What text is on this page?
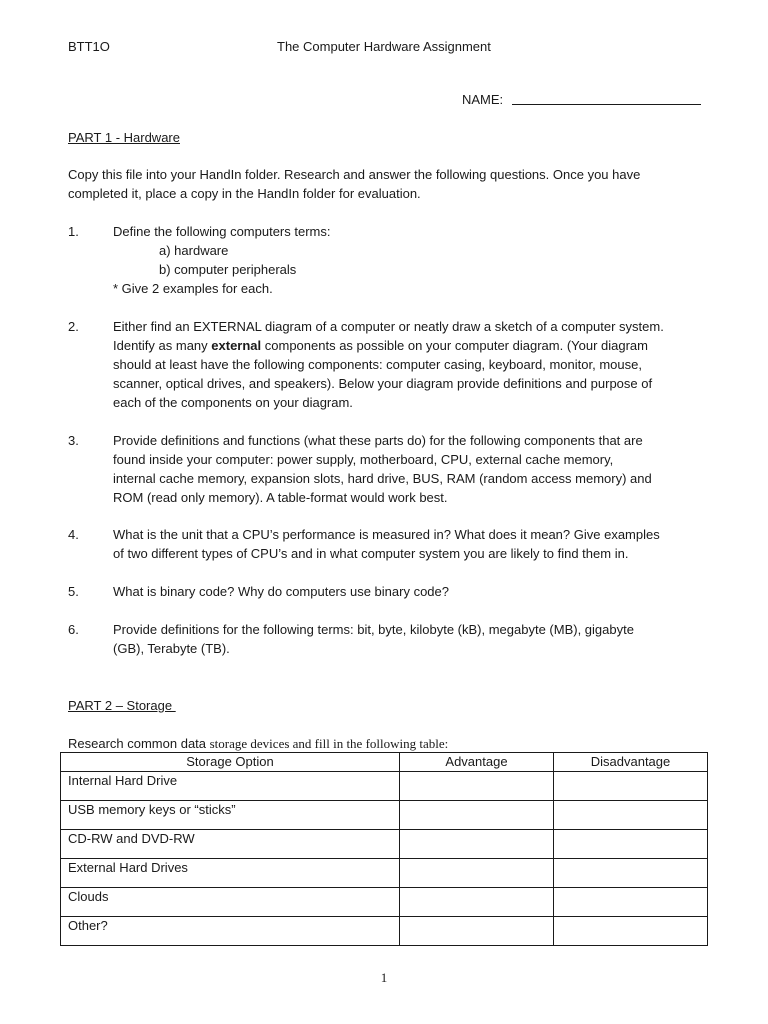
BTT1O	The Computer Hardware Assignment
NAME:
PART 1 - Hardware
Copy this file into your HandIn folder. Research and answer the following questions. Once you have
completed it, place a copy in the HandIn folder for evaluation.
1.	Define the following computers terms:
a) hardware
b) computer peripherals
* Give 2 examples for each.
2.	Either find an EXTERNAL diagram of a computer or neatly draw a sketch of a computer system.
Identify as many external components as possible on your computer diagram. (Your diagram
should at least have the following components: computer casing, keyboard, monitor, mouse,
scanner, optical drives, and speakers). Below your diagram provide definitions and purpose of
each of the components on your diagram.
3.	Provide definitions and functions (what these parts do) for the following components that are
found inside your computer: power supply, motherboard, CPU, external cache memory,
internal cache memory, expansion slots, hard drive, BUS, RAM (random access memory) and
ROM (read only memory). A table-format would work best.
4.	What is the unit that a CPU’s performance is measured in? What does it mean? Give examples
of two different types of CPU’s and in what computer system you are likely to find them in.
5.	What is binary code? Why do computers use binary code?
6.	Provide definitions for the following terms: bit, byte, kilobyte (kB), megabyte (MB), gigabyte
(GB), Terabyte (TB).
PART 2 – Storage
Research common data storage devices and fill in the following table:
Storage Option	Advantage	Disadvantage
Internal Hard Drive		
USB memory keys or “sticks”		
CD-RW and DVD-RW		
External Hard Drives		
Clouds		
Other?		
1
